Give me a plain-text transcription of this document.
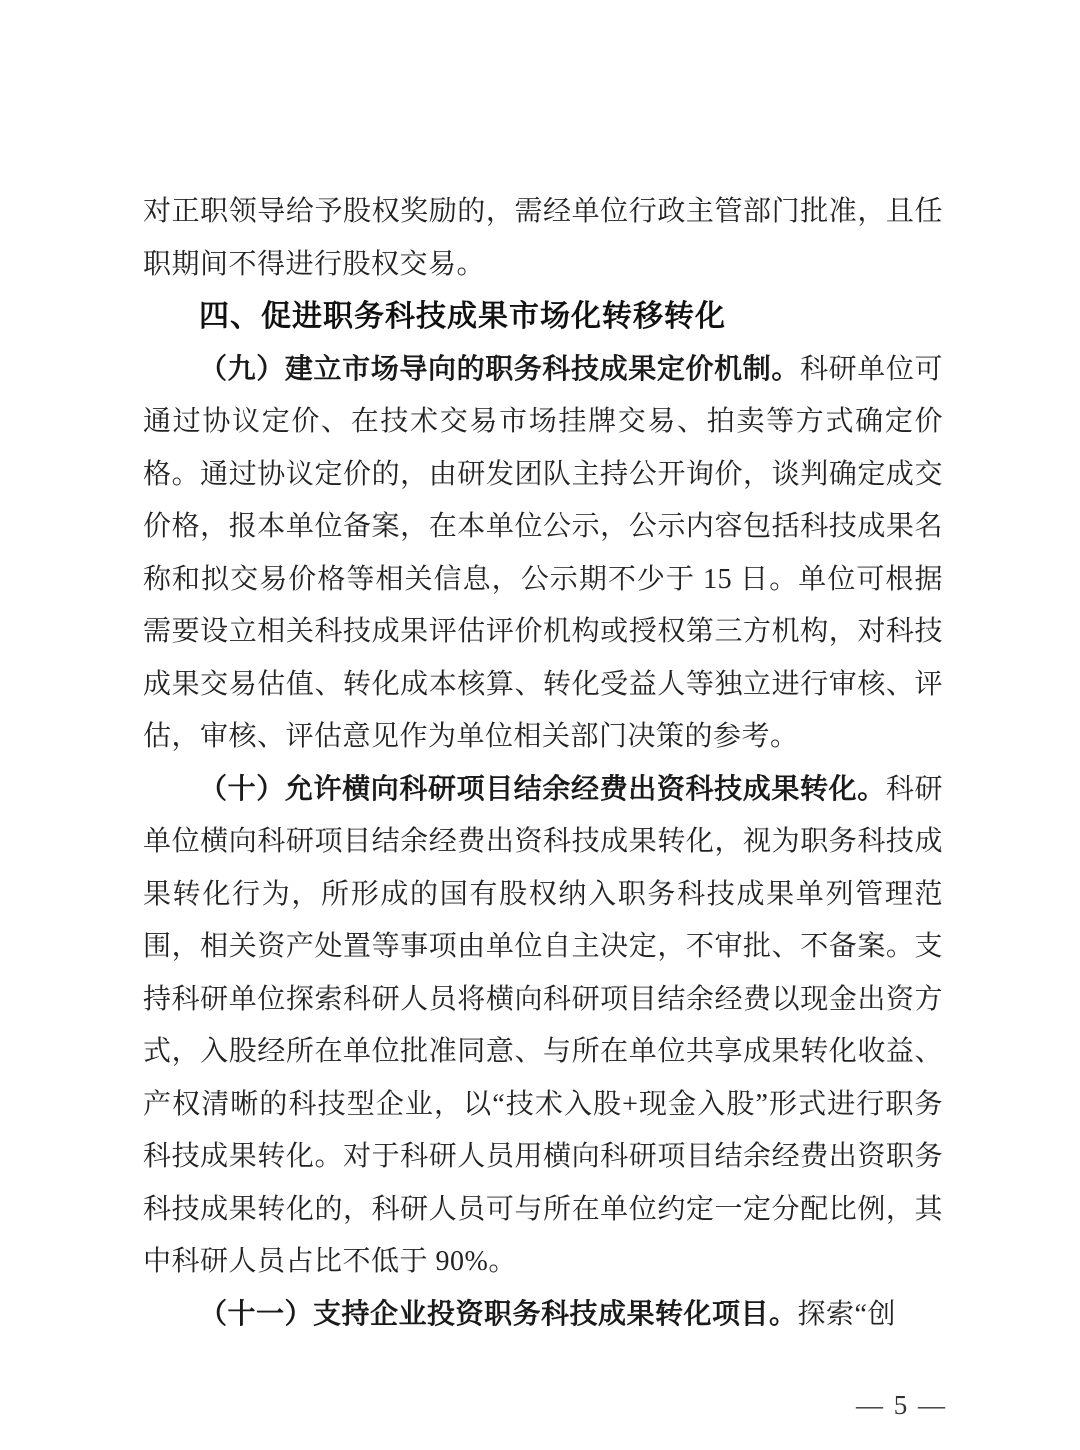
对正职领导给予股权奖励的，需经单位行政主管部门批准，且任职期间不得进行股权交易。

四、促进职务科技成果市场化转移转化

（九）建立市场导向的职务科技成果定价机制。科研单位可通过协议定价、在技术交易市场挂牌交易、拍卖等方式确定价格。通过协议定价的，由研发团队主持公开询价，谈判确定成交价格，报本单位备案，在本单位公示，公示内容包括科技成果名称和拟交易价格等相关信息，公示期不少于 15 日。单位可根据需要设立相关科技成果评估评价机构或授权第三方机构，对科技成果交易估值、转化成本核算、转化受益人等独立进行审核、评估，审核、评估意见作为单位相关部门决策的参考。

（十）允许横向科研项目结余经费出资科技成果转化。科研单位横向科研项目结余经费出资科技成果转化，视为职务科技成果转化行为，所形成的国有股权纳入职务科技成果单列管理范围，相关资产处置等事项由单位自主决定，不审批、不备案。支持科研单位探索科研人员将横向科研项目结余经费以现金出资方式，入股经所在单位批准同意、与所在单位共享成果转化收益、产权清晰的科技型企业，以“技术入股+现金入股”形式进行职务科技成果转化。对于科研人员用横向科研项目结余经费出资职务科技成果转化的，科研人员可与所在单位约定一定分配比例，其中科研人员占比不低于 90%。

（十一）支持企业投资职务科技成果转化项目。探索“创

— 5 —
